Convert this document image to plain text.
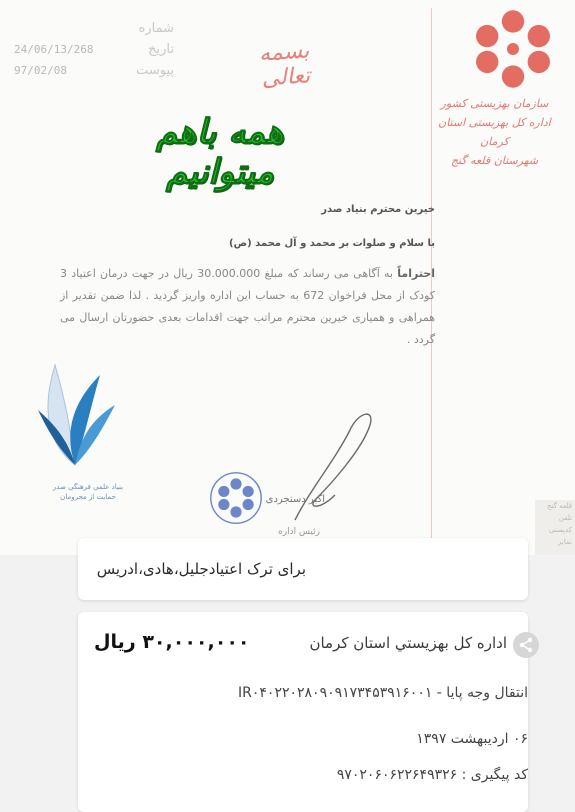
شماره
تاریخ
24/06/13/268
پیوست
97/02/08
بسمه تعالی
سازمان بهزیستی کشور
اداره کل بهزیستی استان کرمان
شهرستان قلعه گنج
همه باهم میتوانیم
خیرین محترم بنیاد صدر
با سلام و صلوات بر محمد و آل محمد (ص)
احتراماً به آگاهی می رساند که مبلغ 30.000.000 ریال در جهت درمان اعتیاد 3 کودک از محل فراخوان 672 به حساب این اداره واریز گردید . لذا ضمن تقدیر از همراهی و همیاری خیرین محترم مراتب جهت اقدامات بعدی حضورتان ارسال می گردد .
اکبر دستجردی
رئیس اداره
قلعه گنج
تلفن
کدپستی
نمابر
بنیاد علمی فرهنگی صدر حمایت از محرومان
برای ترک اعتیادجلیل،هادی،ادریس
اداره کل بهزیستي استان کرمان
۳۰,۰۰۰,۰۰۰ ریال
انتقال وجه پایا - IR۰۴۰۲۲۰۲۸۰۹۰۹۱۷۳۴۵۳۹۱۶۰۰۱
۰۶ اردیبهشت ۱۳۹۷
کد پیگیری : ۹۷۰۲۰۶۰۶۲۲۶۴۹۳۲۶
